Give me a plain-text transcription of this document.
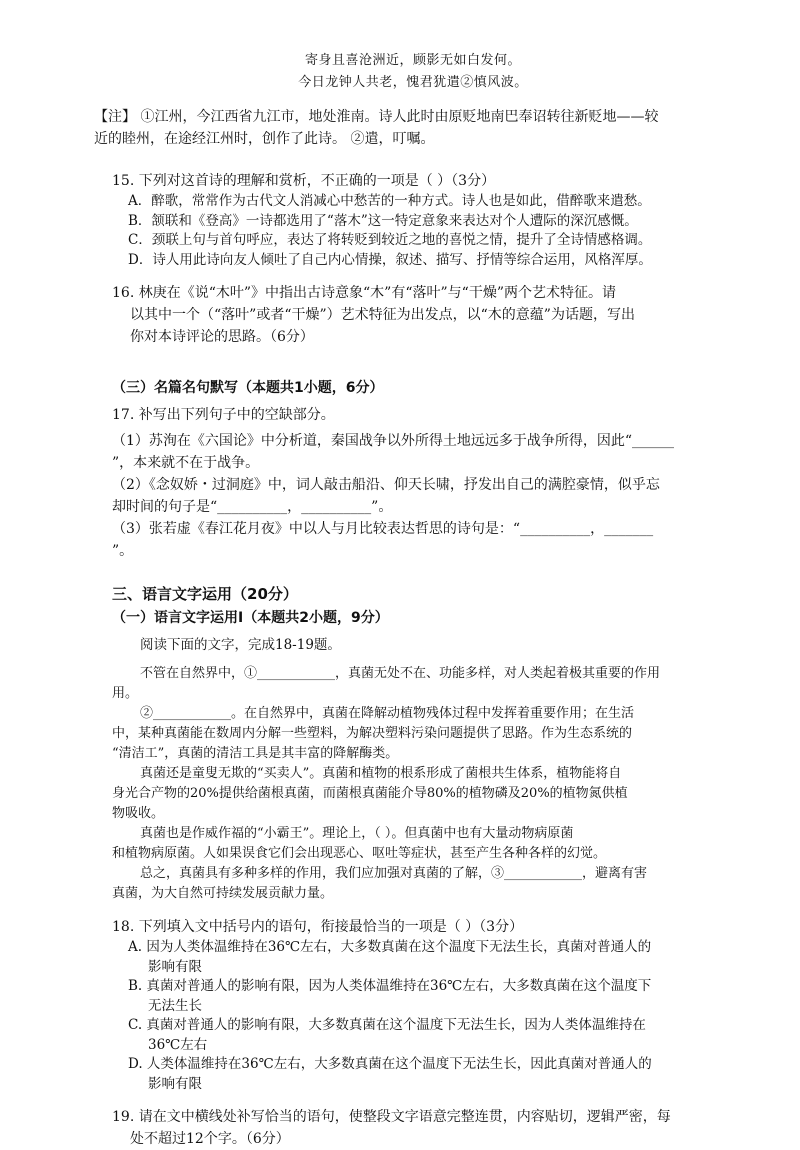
寄身且喜沧洲近，顾影无如白发何。
今日龙钟人共老，愧君犹遣②慎风波。

【注】 ①江州，今江西省九江市，地处淮南。诗人此时由原贬地南巴奉诏转往新贬地——较

近的睦州，在途经江州时，创作了此诗。 ②遣，叮嘱。

15. 下列对这首诗的理解和赏析，不正确的一项是（ ）（3分）

A．醉歌，常常作为古代文人消减心中愁苦的一种方式。诗人也是如此，借醉歌来遣愁。

B．颔联和《登高》一诗都选用了“落木”这一特定意象来表达对个人遭际的深沉感慨。

C．颈联上句与首句呼应，表达了将转贬到较近之地的喜悦之情，提升了全诗情感格调。

D．诗人用此诗向友人倾吐了自己内心情操，叙述、描写、抒情等综合运用，风格浑厚。

16. 林庚在《说“木叶”》中指出古诗意象“木”有“落叶”与“干燥”两个艺术特征。请

以其中一个（“落叶”或者“干燥”）艺术特征为出发点，以“木的意蕴”为话题，写出

你对本诗评论的思路。（6分）

（三）名篇名句默写（本题共1小题，6分）

17. 补写出下列句子中的空缺部分。

（1）苏洵在《六国论》中分析道，秦国战争以外所得土地远远多于战争所得，因此“______

”，本来就不在于战争。

（2）《念奴娇・过洞庭》中，词人敲击船沿、仰天长啸，抒发出自己的满腔豪情，似乎忘

却时间的句子是“__________，__________”。

（3）张若虚《春江花月夜》中以人与月比较表达哲思的诗句是：“__________，_______

”。

三、语言文字运用（20分）

（一）语言文字运用Ⅰ（本题共2小题，9分）

阅读下面的文字，完成18-19题。

不管在自然界中，①____________，真菌无处不在、功能多样，对人类起着极其重要的作用

用。

②____________。在自然界中，真菌在降解动植物残体过程中发挥着重要作用；在生活

中，某种真菌能在数周内分解一些塑料，为解决塑料污染问题提供了思路。作为生态系统的

“清洁工”，真菌的清洁工具是其丰富的降解酶类。

真菌还是童叟无欺的“买卖人”。真菌和植物的根系形成了菌根共生体系，植物能将自

身光合产物的20%提供给菌根真菌，而菌根真菌能介导80%的植物磷及20%的植物氮供植

物吸收。

真菌也是作威作福的“小霸王”。理论上，（ ）。但真菌中也有大量动物病原菌

和植物病原菌。人如果误食它们会出现恶心、呕吐等症状，甚至产生各种各样的幻觉。

总之，真菌具有多种多样的作用，我们应加强对真菌的了解，③____________，避离有害

真菌，为大自然可持续发展贡献力量。

18. 下列填入文中括号内的语句，衔接最恰当的一项是（ ）（3分）

A. 因为人类体温维持在36℃左右，大多数真菌在这个温度下无法生长，真菌对普通人的

影响有限

B. 真菌对普通人的影响有限，因为人类体温维持在36℃左右，大多数真菌在这个温度下

无法生长

C. 真菌对普通人的影响有限，大多数真菌在这个温度下无法生长，因为人类体温维持在

36℃左右

D. 人类体温维持在36℃左右，大多数真菌在这个温度下无法生长，因此真菌对普通人的

影响有限

19. 请在文中横线处补写恰当的语句，使整段文字语意完整连贯，内容贴切，逻辑严密，每

处不超过12个字。（6分）
